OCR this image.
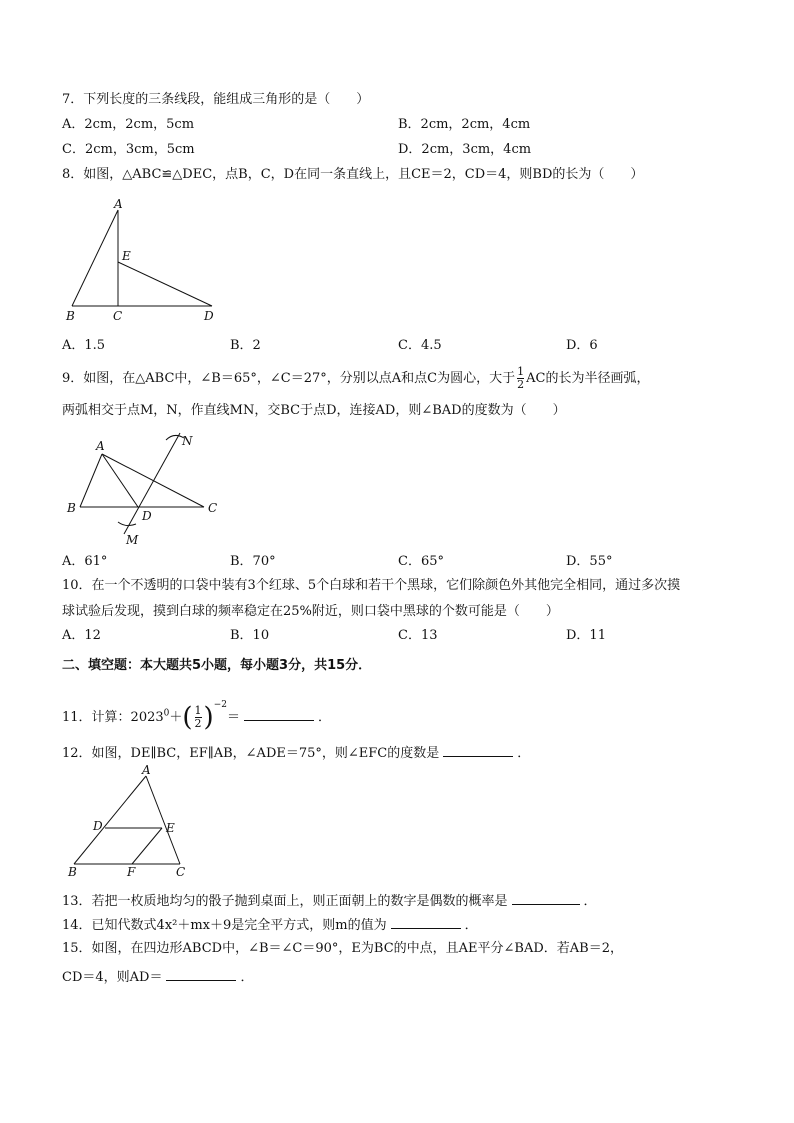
7．下列长度的三条线段，能组成三角形的是（　　）
A．2cm，2cm，5cm	B．2cm，2cm，4cm
C．2cm，3cm，5cm	D．2cm，3cm，4cm
8．如图，△ABC≌△DEC，点B，C，D在同一条直线上，且CE＝2，CD＝4，则BD的长为（　　）
A
E
B	C	D
A．1.5	B．2	C．4.5	D．6
9．如图，在△ABC中，∠B＝65°，∠C＝27°，分别以点A和点C为圆心，大于 $\frac{1}{2}$ AC的长为半径画弧，
两弧相交于点M，N，作直线MN，交BC于点D，连接AD，则∠BAD的度数为（　　）
A
B	C
D
M
N
A．61°	B．70°	C．65°	D．55°
10．在一个不透明的口袋中装有3个红球、5个白球和若干个黑球，它们除颜色外其他完全相同，通过多次摸
球试验后发现，摸到白球的频率稳定在25%附近，则口袋中黑球的个数可能是（　　）
A．12	B．10	C．13	D．11
二、填空题：本大题共5小题，每小题3分，共15分．
11．计算：$2023^0+( \frac{1}{2} )^{-2}=$	．
12．如图，DE∥BC，EF∥AB，∠ADE＝75°，则∠EFC的度数是	．
A
D	E
B	F	C
13．若把一枚质地均匀的骰子抛到桌面上，则正面朝上的数字是偶数的概率是	．
14．已知代数式4x²＋mx＋9是完全平方式，则m的值为	．
15．如图，在四边形ABCD中，∠B＝∠C＝90°，E为BC的中点，且AE平分∠BAD．若AB＝2，
CD＝4，则AD＝	．
